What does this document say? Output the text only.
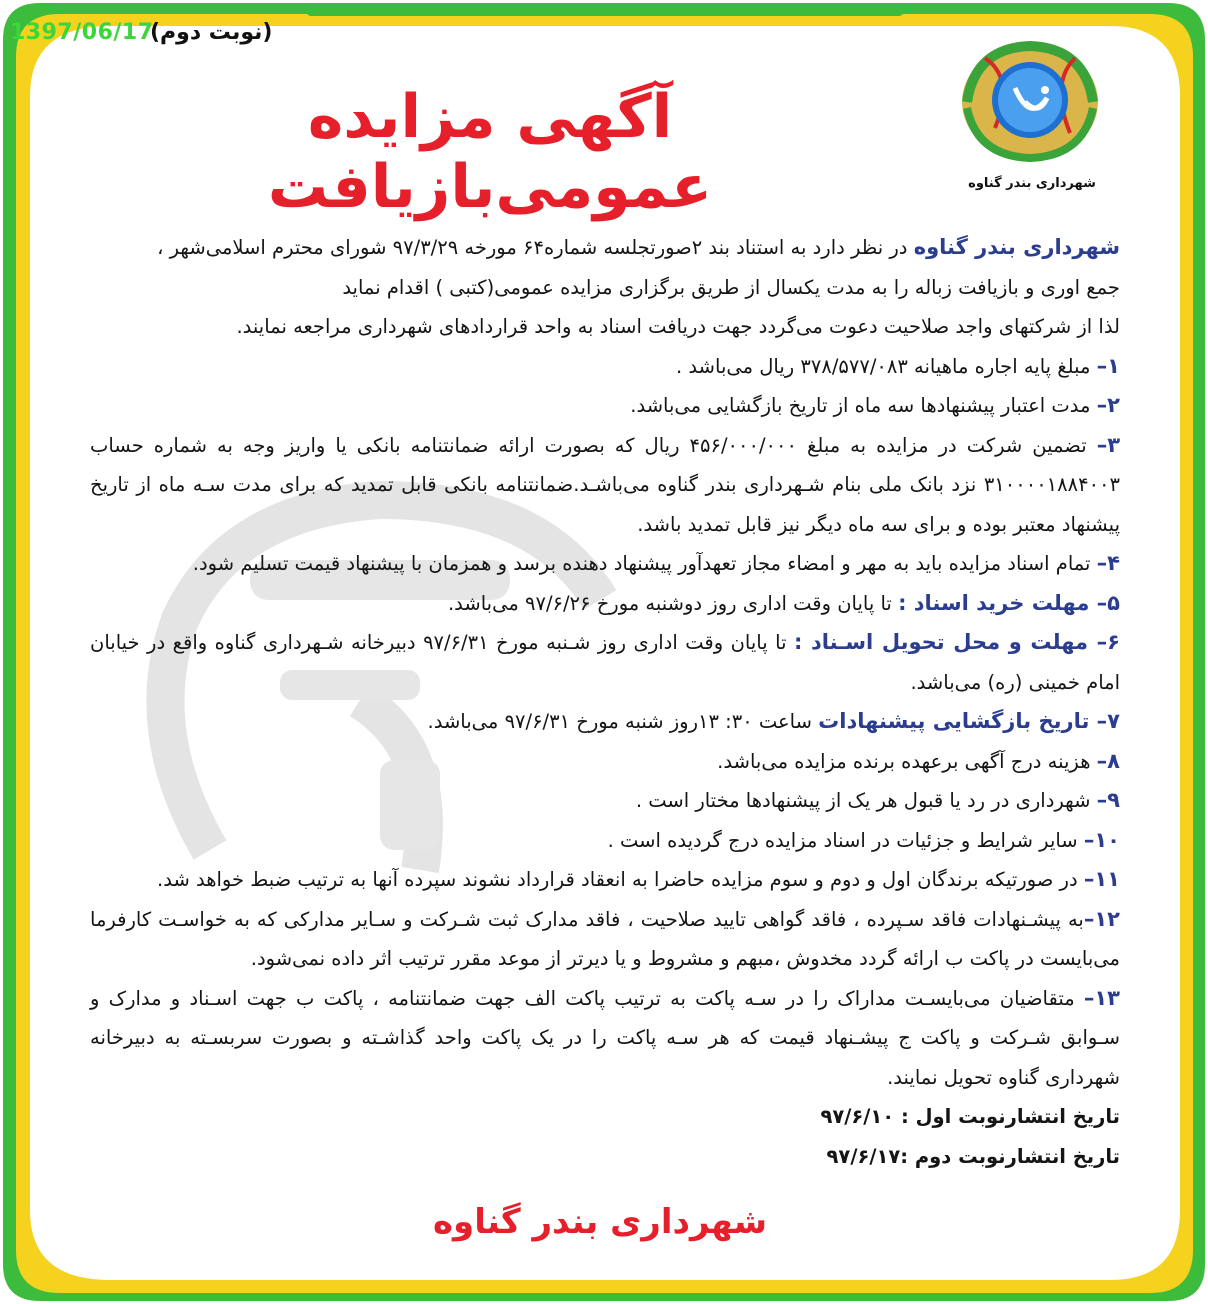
1397/06/17
(نوبت دوم)
شهرداری بندر گناوه
آگهی مزایده عمومی‌بازیافت

شهرداری بندر گناوه در نظر دارد به استناد بند ۲صورتجلسه شماره۶۴ مورخه ۹۷/۳/۲۹ شورای محترم اسلامی‌شهر ،

جمع اوری و بازیافت زباله را به مدت یکسال از طریق برگزاری مزایده عمومی(کتبی ) اقدام نماید

لذا از شرکتهای واجد صلاحیت دعوت می‌گردد جهت دریافت اسناد به واحد قراردادهای شهرداری مراجعه نمایند.

۱– مبلغ پایه اجاره ماهیانه ۳۷۸/۵۷۷/۰۸۳ ریال می‌باشد .

۲– مدت اعتبار پیشنهادها سه ماه از تاریخ بازگشایی می‌باشد.

۳– تضمین شرکت در مزایده به مبلغ ۴۵۶/۰۰۰/۰۰۰ ریال که بصورت ارائه ضمانتنامه بانکی یا واریز وجه به شماره حساب ۳۱۰۰۰۰۱۸۸۴۰۰۳ نزد بانک ملی بنام شـهرداری بندر گناوه می‌باشـد.ضمانتنامه بانکی قابل تمدید که برای مدت سـه ماه از تاریخ پیشنهاد معتبر بوده و برای سه ماه دیگر نیز قابل تمدید باشد.

۴– تمام اسناد مزایده باید به مهر و امضاء مجاز تعهدآور پیشنهاد دهنده برسد و همزمان با پیشنهاد قیمت تسلیم شود.

۵– مهلت خرید اسناد : تا پایان وقت اداری روز دوشنبه مورخ ۹۷/۶/۲۶ می‌باشد.

۶– مهلت و محل تحویل اسـناد : تا پایان وقت اداری روز شـنبه مورخ ۹۷/۶/۳۱ دبیرخانه شـهرداری گناوه واقع در خیابان امام خمینی (ره) می‌باشد.

۷– تاریخ بازگشایی پیشنهادات ساعت ۳۰: ۱۳روز شنبه مورخ ۹۷/۶/۳۱ می‌باشد.

۸– هزینه درج آگهی برعهده برنده مزایده می‌باشد.

۹– شهرداری در رد یا قبول هر یک از پیشنهادها مختار است .

۱۰– سایر شرایط و جزئیات در اسناد مزایده درج گردیده است .

۱۱– در صورتیکه برندگان اول و دوم و سوم مزایده حاضرا به انعقاد قرارداد نشوند سپرده آنها به ترتیب ضبط خواهد شد.

۱۲–به پیشـنهادات فاقد سـپرده ، فاقد گواهی تایید صلاحیت ، فاقد مدارک ثبت شـرکت و سـایر مدارکی که به خواسـت کارفرما می‌بایست در پاکت ب ارائه گردد مخدوش ،مبهم و مشروط و یا دیرتر از موعد مقرر ترتیب اثر داده نمی‌شود.

۱۳– متقاضیان می‌بایسـت مداراک را در سـه پاکت به ترتیب پاکت الف جهت ضمانتنامه ، پاکت ب جهت اسـناد و مدارک و سـوابق شـرکت و پاکت ج پیشـنهاد قیمت که هر سـه پاکت را در یک پاکت واحد گذاشـته و بصورت سربسـته به دبیرخانه شهرداری گناوه تحویل نمایند.

تاریخ انتشارنوبت اول : ۹۷/۶/۱۰

تاریخ انتشارنوبت دوم :۹۷/۶/۱۷

شهرداری بندر گناوه
